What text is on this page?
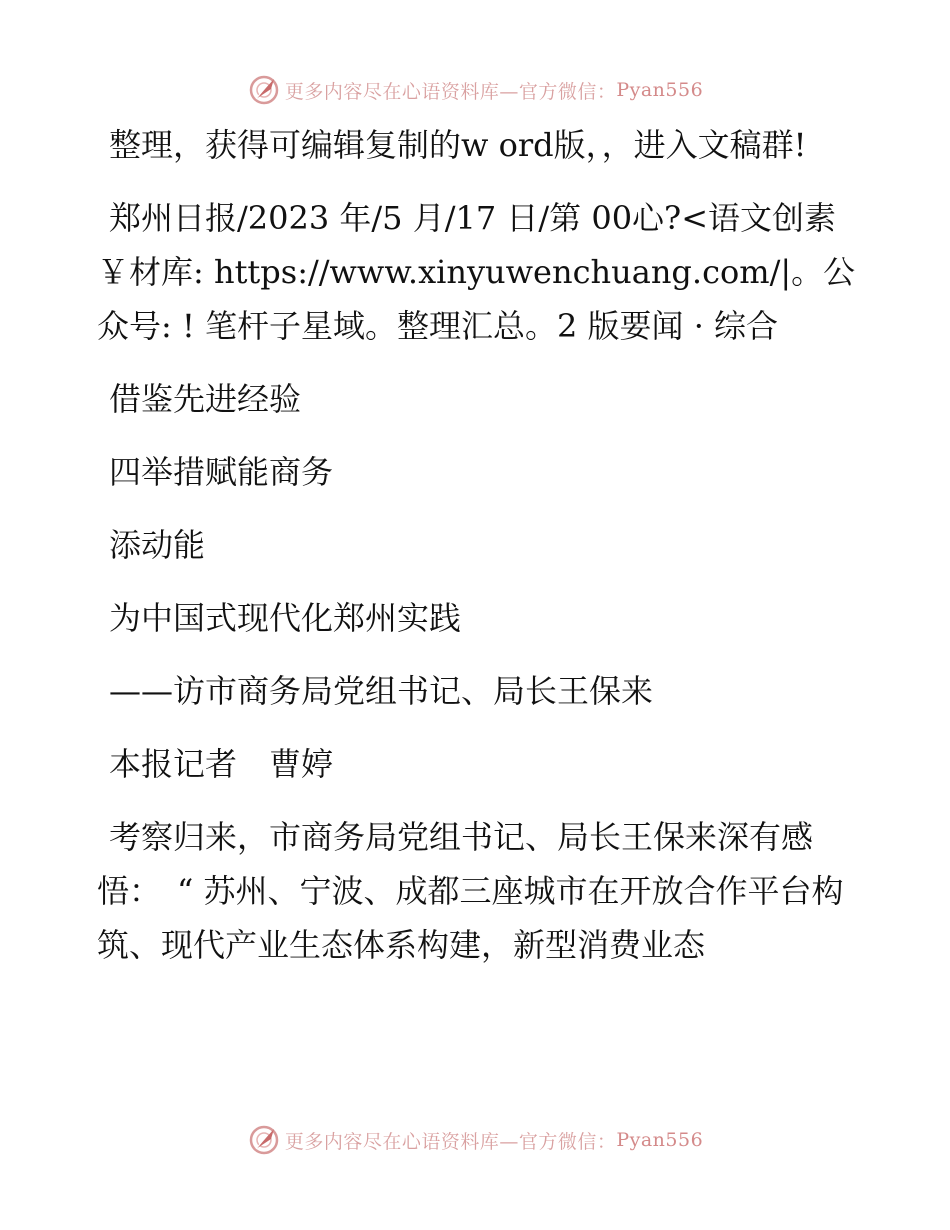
更多内容尽在心语资料库—官方微信： Pyan556

整理，获得可编辑复制的w ord版，，进入文稿群!

郑州日报/2023 年/5 月/17 日/第 00心?<语文创素￥材库: https://www.xinyuwenchuang.com/|。公众号: ! 笔杆子星域。整理汇总。2 版要闻 · 综合

借鉴先进经验

四举措赋能商务

添动能

为中国式现代化郑州实践

——访市商务局党组书记、局长王保来

本报记者　曹婷

考察归来，市商务局党组书记、局长王保来深有感悟：　“ 苏州、宁波、成都三座城市在开放合作平台构筑、现代产业生态体系构建，新型消费业态

更多内容尽在心语资料库—官方微信： Pyan556
